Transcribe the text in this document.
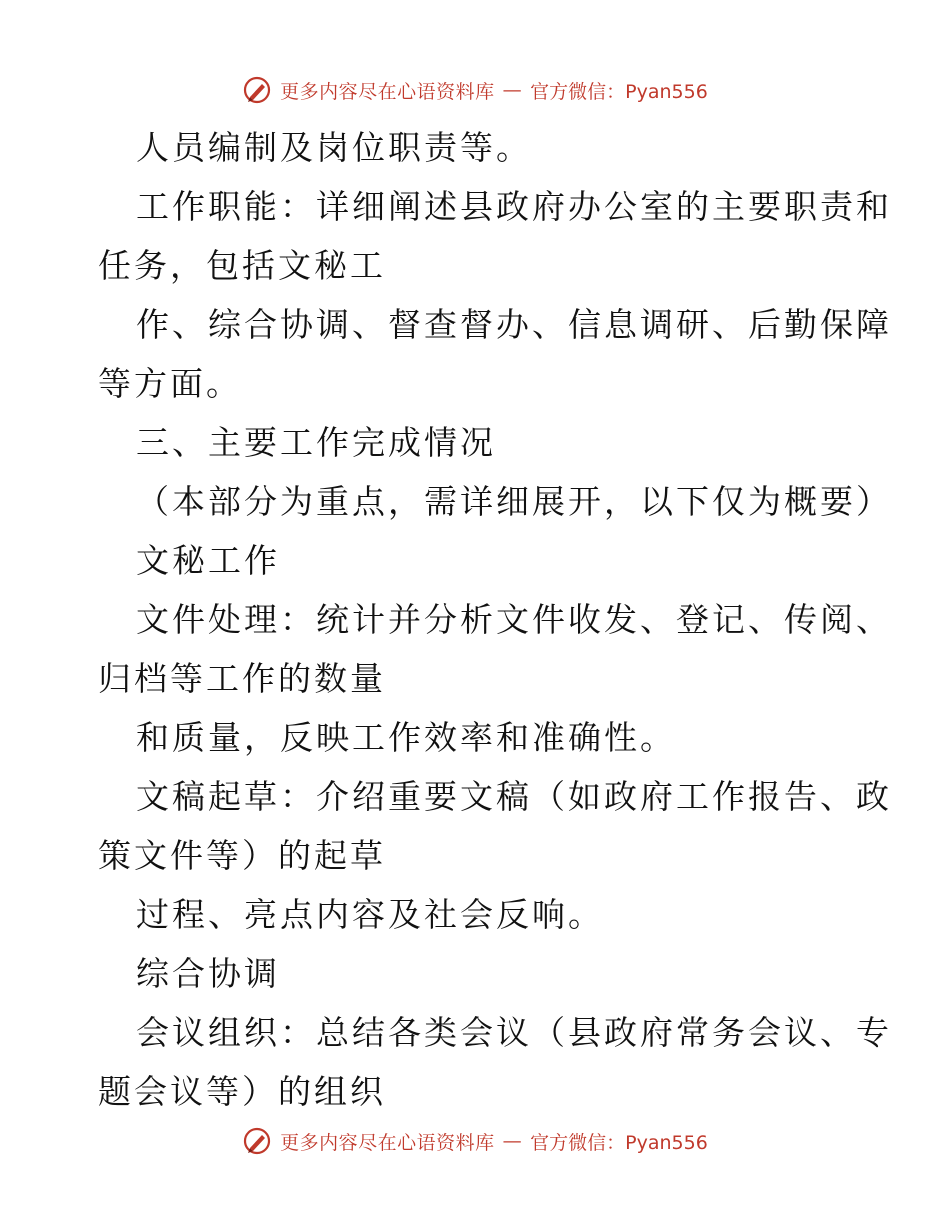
更多内容尽在心语资料库 — 官方微信：Pyan556
人员编制及岗位职责等。
工作职能：详细阐述县政府办公室的主要职责和
任务，包括文秘工
作、综合协调、督查督办、信息调研、后勤保障
等方面。
三、主要工作完成情况
（本部分为重点，需详细展开，以下仅为概要）
文秘工作
文件处理：统计并分析文件收发、登记、传阅、
归档等工作的数量
和质量，反映工作效率和准确性。
文稿起草：介绍重要文稿（如政府工作报告、政
策文件等）的起草
过程、亮点内容及社会反响。
综合协调
会议组织：总结各类会议（县政府常务会议、专
题会议等）的组织
更多内容尽在心语资料库 — 官方微信：Pyan556
